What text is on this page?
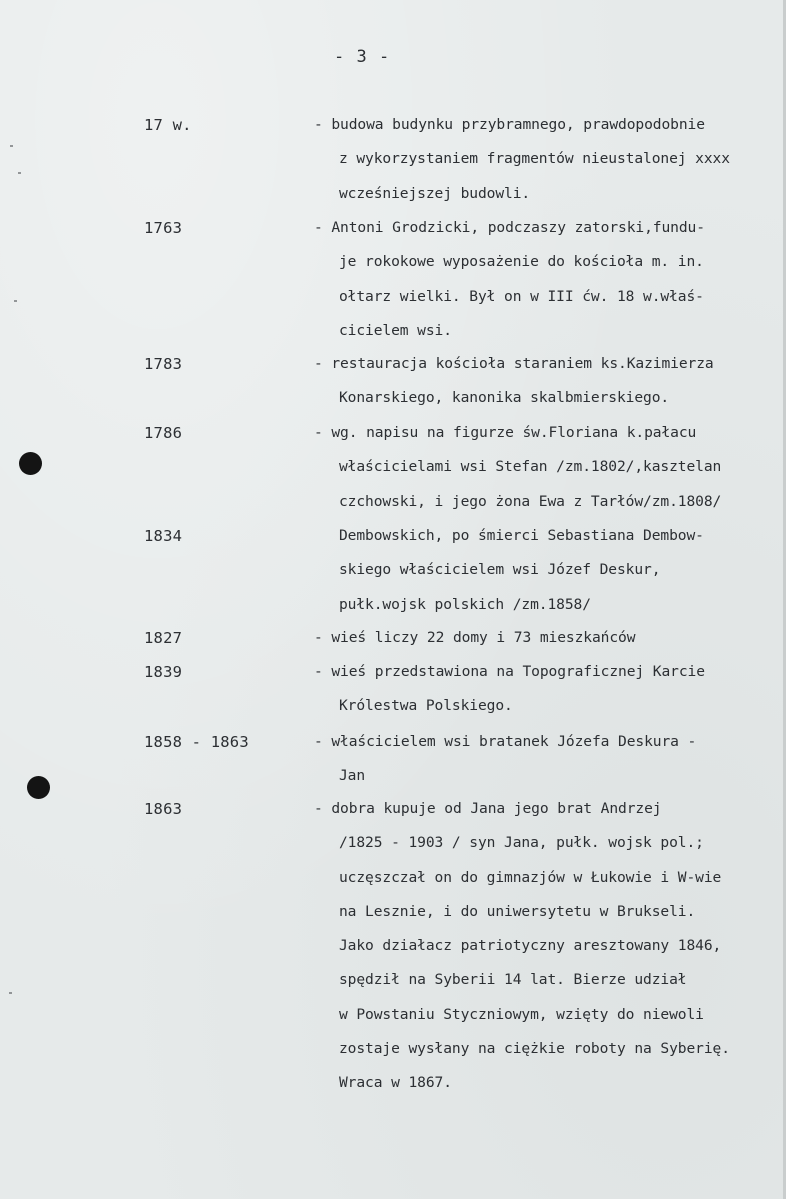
- 3 -
17 w.	- budowa budynku przybramnego, prawdopodobnie
z wykorzystaniem fragmentów nieustalonej xxxx
wcześniejszej budowli.
1763	- Antoni Grodzicki, podczaszy zatorski,fundu-
je rokokowe wyposażenie do kościoła m. in.
ołtarz wielki. Był on w III ćw. 18 w.właś-
cicielem wsi.
1783	- restauracja kościoła staraniem ks.Kazimierza
Konarskiego, kanonika skalbmierskiego.
1786	- wg. napisu na figurze św.Floriana k.pałacu
właścicielami wsi Stefan /zm.1802/,kasztelan
czchowski, i jego żona Ewa z Tarłów/zm.1808/
1834	Dembowskich, po śmierci Sebastiana Dembow-
skiego właścicielem wsi Józef Deskur,
pułk.wojsk polskich /zm.1858/
1827	- wieś liczy 22 domy i 73 mieszkańców
1839	- wieś przedstawiona na Topograficznej Karcie
Królestwa Polskiego.
1858 - 1863	- właścicielem wsi bratanek Józefa Deskura -
Jan
1863	- dobra kupuje od Jana jego brat Andrzej
/1825 - 1903 / syn Jana, pułk. wojsk pol.;
uczęszczał on do gimnazjów w Łukowie i W-wie
na Lesznie, i do uniwersytetu w Brukseli.
Jako działacz patriotyczny aresztowany 1846,
spędził na Syberii 14 lat. Bierze udział
w Powstaniu Styczniowym, wzięty do niewoli
zostaje wysłany na ciężkie roboty na Syberię.
Wraca w 1867.
